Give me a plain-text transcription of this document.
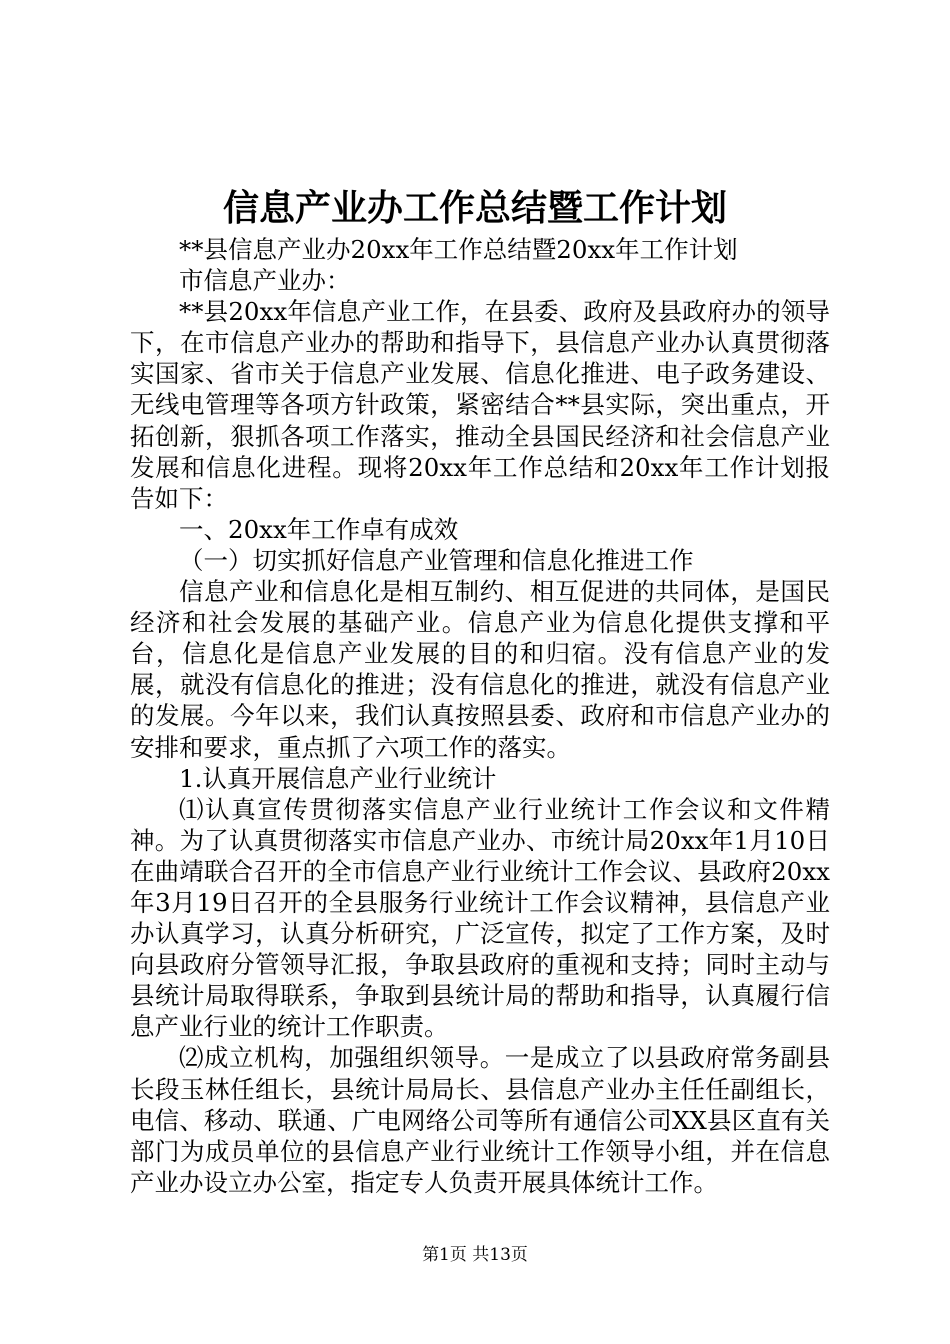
信息产业办工作总结暨工作计划

**县信息产业办20xx年工作总结暨20xx年工作计划

市信息产业办：

**县20xx年信息产业工作，在县委、政府及县政府办的领导下，在市信息产业办的帮助和指导下，县信息产业办认真贯彻落实国家、省市关于信息产业发展、信息化推进、电子政务建设、无线电管理等各项方针政策，紧密结合**县实际，突出重点，开拓创新，狠抓各项工作落实，推动全县国民经济和社会信息产业发展和信息化进程。现将20xx年工作总结和20xx年工作计划报告如下：

一、20xx年工作卓有成效

（一）切实抓好信息产业管理和信息化推进工作

信息产业和信息化是相互制约、相互促进的共同体，是国民经济和社会发展的基础产业。信息产业为信息化提供支撑和平台，信息化是信息产业发展的目的和归宿。没有信息产业的发展，就没有信息化的推进；没有信息化的推进，就没有信息产业的发展。今年以来，我们认真按照县委、政府和市信息产业办的安排和要求，重点抓了六项工作的落实。

1.认真开展信息产业行业统计

⑴认真宣传贯彻落实信息产业行业统计工作会议和文件精神。为了认真贯彻落实市信息产业办、市统计局20xx年1月10日在曲靖联合召开的全市信息产业行业统计工作会议、县政府20xx年3月19日召开的全县服务行业统计工作会议精神，县信息产业办认真学习，认真分析研究，广泛宣传，拟定了工作方案，及时向县政府分管领导汇报，争取县政府的重视和支持；同时主动与县统计局取得联系，争取到县统计局的帮助和指导，认真履行信息产业行业的统计工作职责。

⑵成立机构，加强组织领导。一是成立了以县政府常务副县长段玉林任组长，县统计局局长、县信息产业办主任任副组长，电信、移动、联通、广电网络公司等所有通信公司XX县区直有关部门为成员单位的县信息产业行业统计工作领导小组，并在信息产业办设立办公室，指定专人负责开展具体统计工作。

第1页 共13页
